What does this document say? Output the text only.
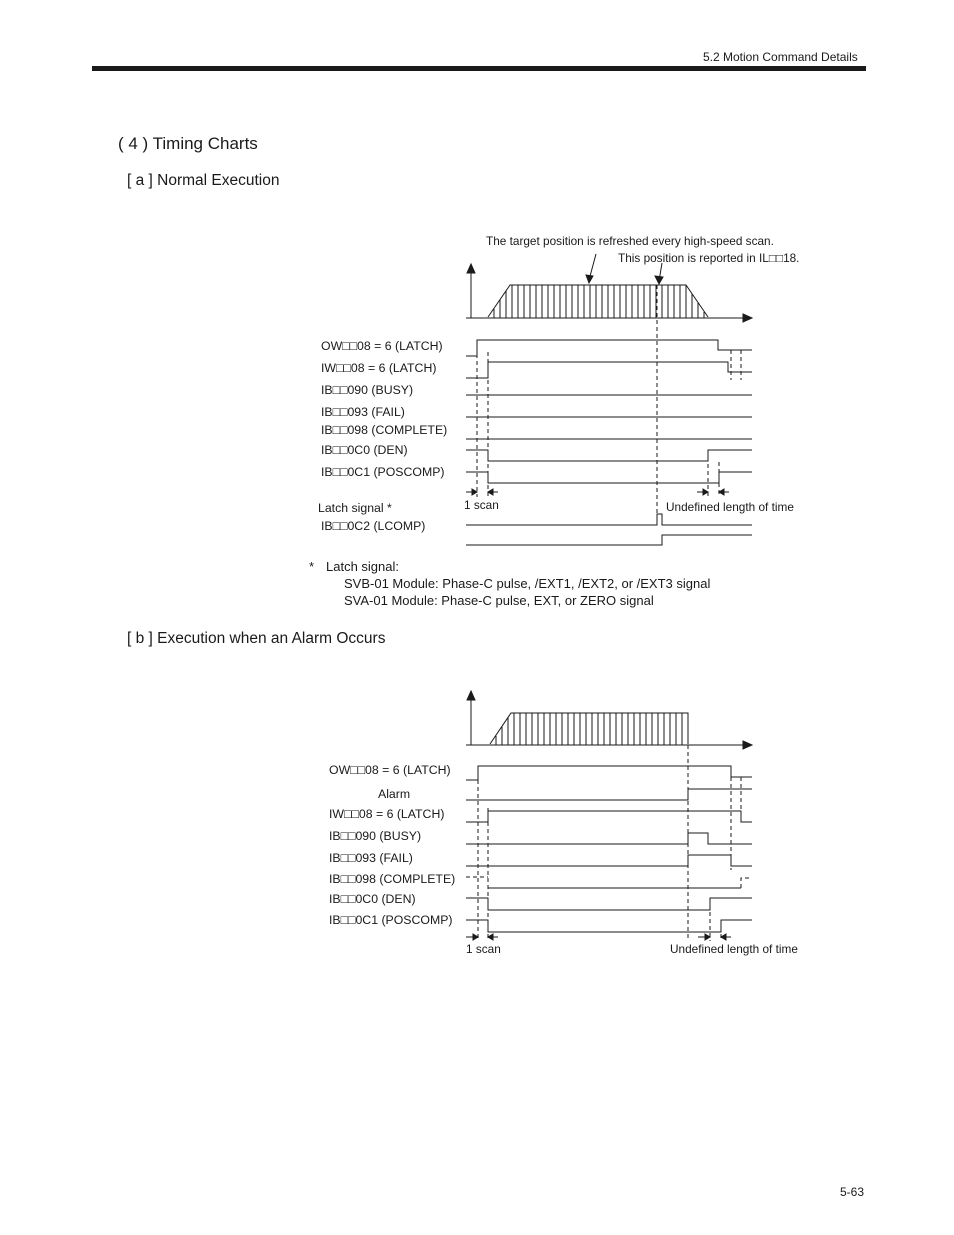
5.2 Motion Command Details
( 4 ) Timing Charts
[ a ] Normal Execution
The target position is refreshed every high-speed scan.
This position is reported in IL□□18.
OW□□08 = 6 (LATCH)
IW□□08 = 6 (LATCH)
IB□□090 (BUSY)
IB□□093 (FAIL)
IB□□098 (COMPLETE)
IB□□0C0 (DEN)
IB□□0C1 (POSCOMP)
1 scan	Undefined length of time
Latch signal *
IB□□0C2 (LCOMP)
* Latch signal:
SVB-01 Module: Phase-C pulse, /EXT1, /EXT2, or /EXT3 signal
SVA-01 Module: Phase-C pulse, EXT, or ZERO signal
[ b ] Execution when an Alarm Occurs
OW□□08 = 6 (LATCH)
Alarm
IW□□08 = 6 (LATCH)
IB□□090 (BUSY)
IB□□093 (FAIL)
IB□□098 (COMPLETE)
IB□□0C0 (DEN)
IB□□0C1 (POSCOMP)
1 scan	Undefined length of time
5-63
